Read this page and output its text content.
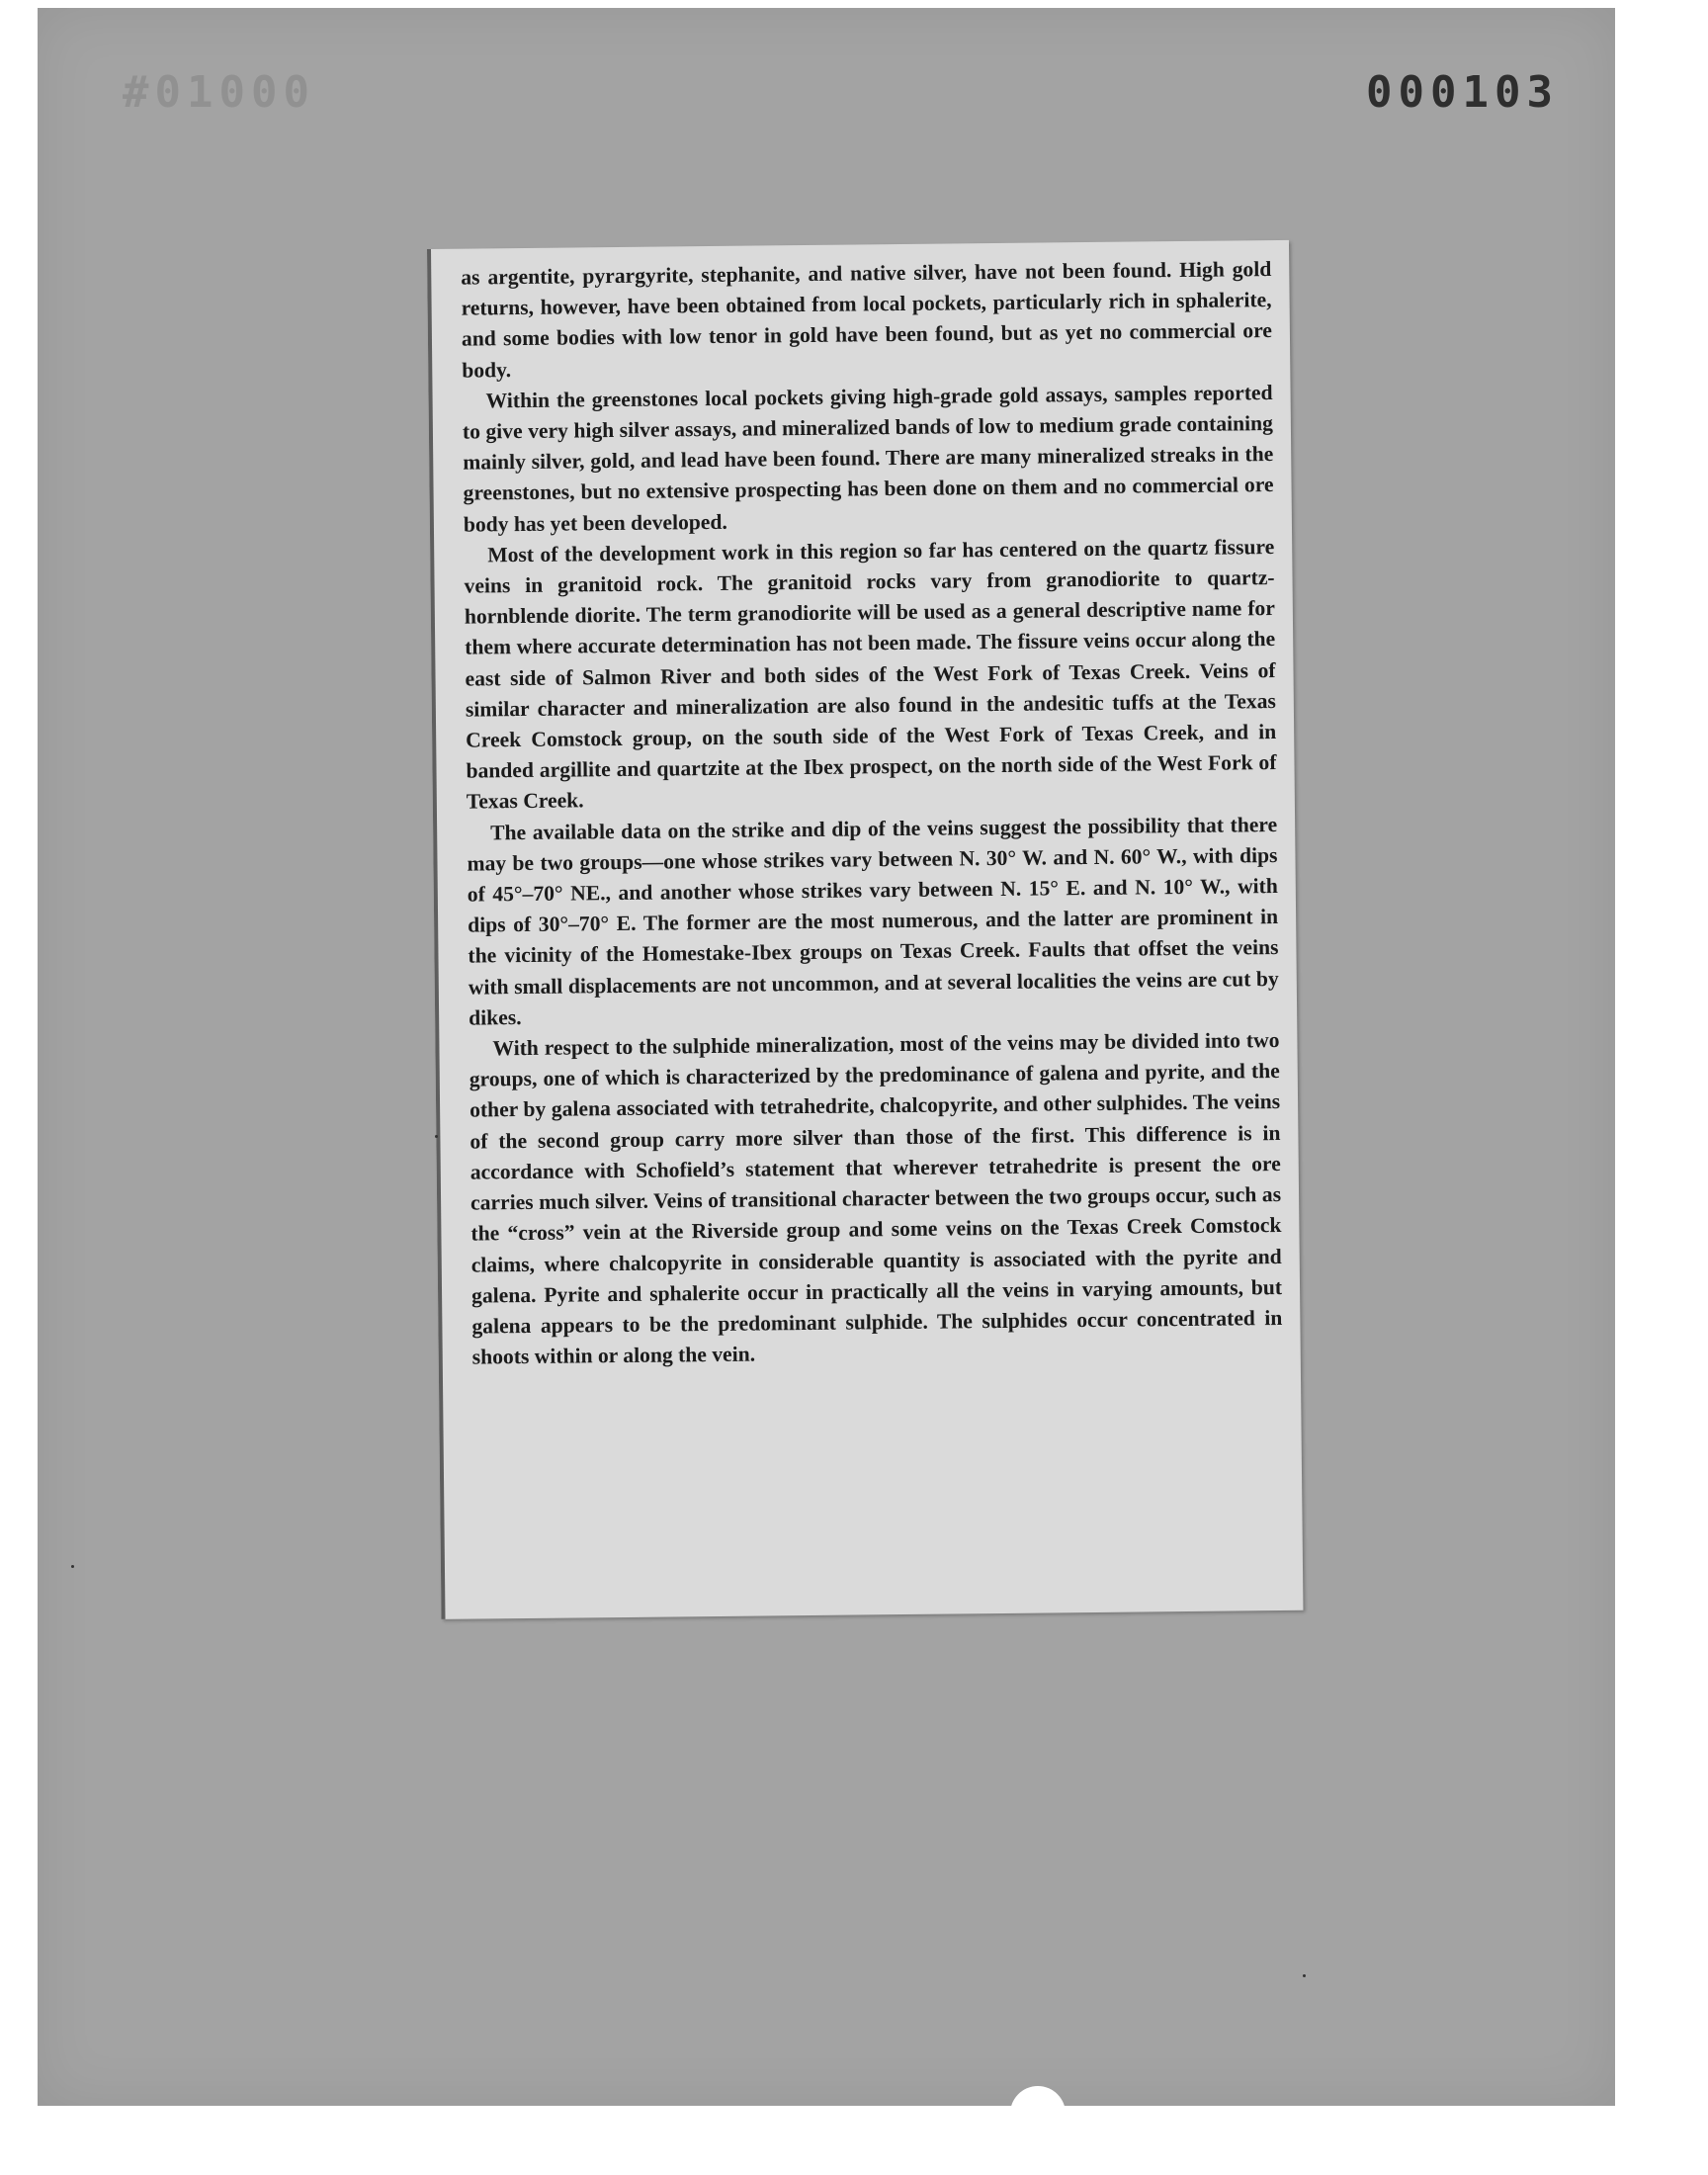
#01000	000103

as argentite, pyrargyrite, stephanite, and native silver, have not been found. High gold returns, however, have been obtained from local pockets, particularly rich in sphalerite, and some bodies with low tenor in gold have been found, but as yet no commercial ore body.

Within the greenstones local pockets giving high-grade gold assays, samples reported to give very high silver assays, and mineralized bands of low to medium grade containing mainly silver, gold, and lead have been found. There are many mineralized streaks in the greenstones, but no extensive prospecting has been done on them and no commercial ore body has yet been developed.

Most of the development work in this region so far has centered on the quartz fissure veins in granitoid rock. The granitoid rocks vary from granodiorite to quartz-hornblende diorite. The term granodiorite will be used as a general descriptive name for them where accurate determination has not been made. The fissure veins occur along the east side of Salmon River and both sides of the West Fork of Texas Creek. Veins of similar character and mineralization are also found in the andesitic tuffs at the Texas Creek Comstock group, on the south side of the West Fork of Texas Creek, and in banded argillite and quartzite at the Ibex prospect, on the north side of the West Fork of Texas Creek.

The available data on the strike and dip of the veins suggest the possibility that there may be two groups—one whose strikes vary between N. 30° W. and N. 60° W., with dips of 45°–70° NE., and another whose strikes vary between N. 15° E. and N. 10° W., with dips of 30°–70° E. The former are the most numerous, and the latter are prominent in the vicinity of the Homestake-Ibex groups on Texas Creek. Faults that offset the veins with small displacements are not uncommon, and at several localities the veins are cut by dikes.

With respect to the sulphide mineralization, most of the veins may be divided into two groups, one of which is characterized by the predominance of galena and pyrite, and the other by galena associated with tetrahedrite, chalcopyrite, and other sulphides. The veins of the second group carry more silver than those of the first. This difference is in accordance with Schofield’s statement that wherever tetrahedrite is present the ore carries much silver. Veins of transitional character between the two groups occur, such as the “cross” vein at the Riverside group and some veins on the Texas Creek Comstock claims, where chalcopyrite in considerable quantity is associated with the pyrite and galena. Pyrite and sphalerite occur in practically all the veins in varying amounts, but galena appears to be the predominant sulphide. The sulphides occur concentrated in shoots within or along the vein.
